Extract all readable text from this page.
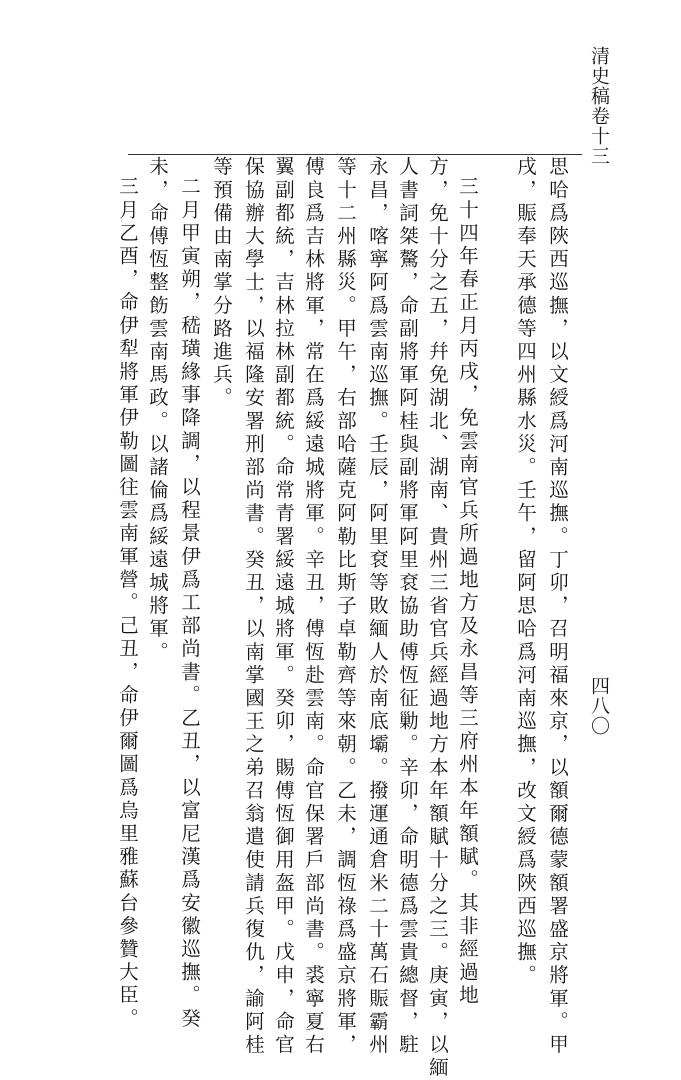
清史稿卷十三
四八〇
思哈爲陜西巡撫，以文綬爲河南巡撫。丁卯，召明福來京，以額爾德蒙額署盛京將軍。甲
戌，賑奉天承德等四州縣水災。壬午，留阿思哈爲河南巡撫，改文綬爲陜西巡撫。
三十四年春正月丙戌，免雲南官兵所過地方及永昌等三府州本年額賦。其非經過地
方，免十分之五，幷免湖北、湖南、貴州三省官兵經過地方本年額賦十分之三。庚寅，以緬
人書詞桀驁，命副將軍阿桂與副將軍阿里袞協助傅恆征勦。辛卯，命明德爲雲貴總督，駐
永昌，喀寧阿爲雲南巡撫。壬辰，阿里袞等敗緬人於南底壩。撥運通倉米二十萬石賑霸州
等十二州縣災。甲午，右部哈薩克阿勒比斯子卓勒齊等來朝。乙未，調恆祿爲盛京將軍，
傅良爲吉林將軍，常在爲綏遠城將軍。辛丑，傅恆赴雲南。命官保署戶部尚書。裘寧夏右
翼副都統，吉林拉林副都統。命常青署綏遠城將軍。癸卯，賜傅恆御用盔甲。戊申，命官
保協辦大學士，以福隆安署刑部尚書。癸丑，以南掌國王之弟召翁遣使請兵復仇，諭阿桂
等預備由南掌分路進兵。
二月甲寅朔，嵇璜緣事降調，以程景伊爲工部尚書。乙丑，以富尼漢爲安徽巡撫。癸
未，命傅恆整飭雲南馬政。以諸倫爲綏遠城將軍。
三月乙酉，命伊犁將軍伊勒圖往雲南軍營。己丑，命伊爾圖爲烏里雅蘇台參贊大臣。
